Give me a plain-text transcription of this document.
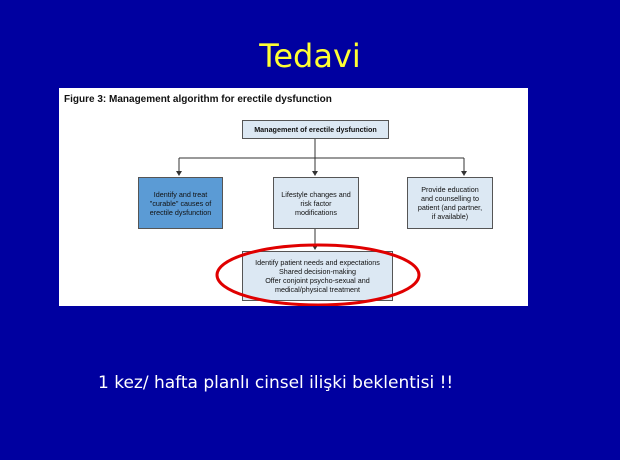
Tedavi
Figure 3: Management algorithm for erectile dysfunction
Management of erectile dysfunction
Identify and treat
"curable" causes of
erectile dysfunction
Lifestyle changes and
risk factor
modifications
Provide education
and counselling to
patient (and partner,
if available)
Identify patient needs and expectations
Shared decision-making
Offer conjoint psycho-sexual and
medical/physical treatment
1 kez/ hafta planlı cinsel ilişki beklentisi !!
